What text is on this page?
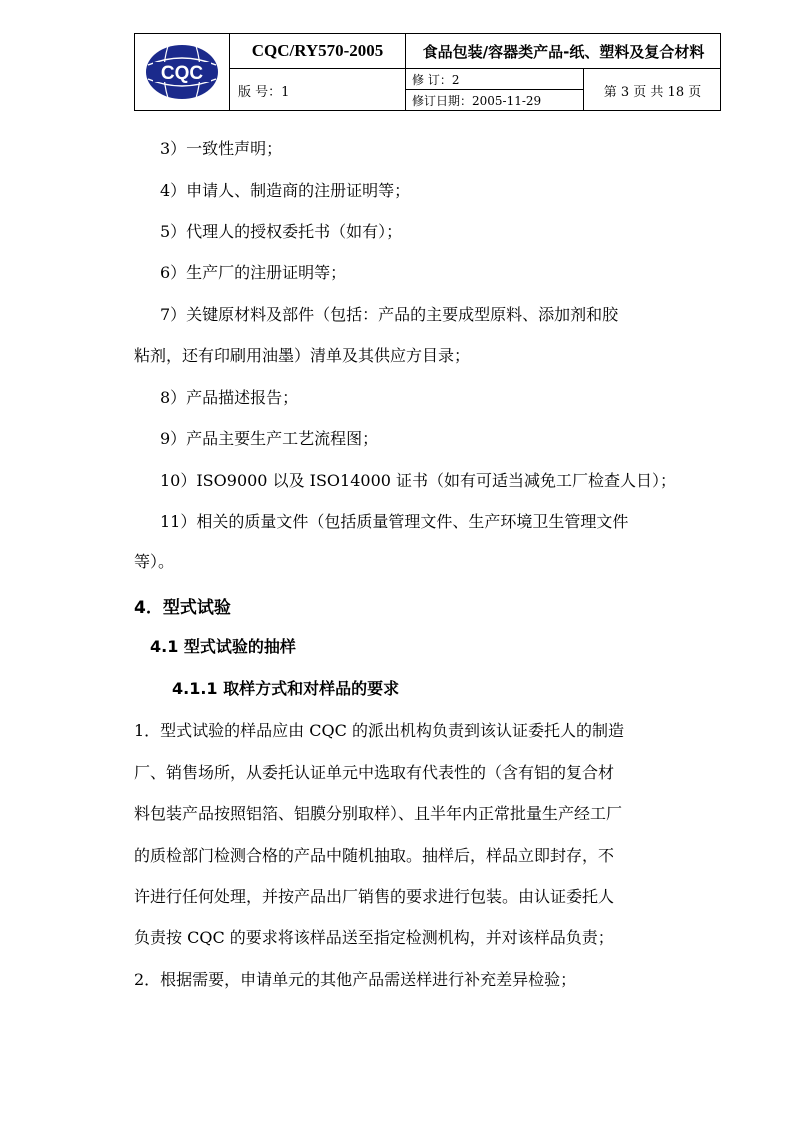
CQC
CQC/RY570-2005	食品包装/容器类产品-纸、塑料及复合材料
版 号：1
修 订：2
修订日期：2005-11-29
第 3 页 共 18 页
3）一致性声明；
4）申请人、制造商的注册证明等；
5）代理人的授权委托书（如有）；
6）生产厂的注册证明等；
7）关键原材料及部件（包括：产品的主要成型原料、添加剂和胶
粘剂，还有印刷用油墨）清单及其供应方目录；
8）产品描述报告；
9）产品主要生产工艺流程图；
10）ISO9000 以及 ISO14000 证书（如有可适当减免工厂检查人日）；
11）相关的质量文件（包括质量管理文件、生产环境卫生管理文件
等）。
4．型式试验
4.1 型式试验的抽样
4.1.1 取样方式和对样品的要求
1．型式试验的样品应由 CQC 的派出机构负责到该认证委托人的制造
厂、销售场所，从委托认证单元中选取有代表性的（含有铝的复合材
料包装产品按照铝箔、铝膜分别取样）、且半年内正常批量生产经工厂
的质检部门检测合格的产品中随机抽取。抽样后，样品立即封存，不
许进行任何处理，并按产品出厂销售的要求进行包装。由认证委托人
负责按 CQC 的要求将该样品送至指定检测机构，并对该样品负责；
2．根据需要，申请单元的其他产品需送样进行补充差异检验；
